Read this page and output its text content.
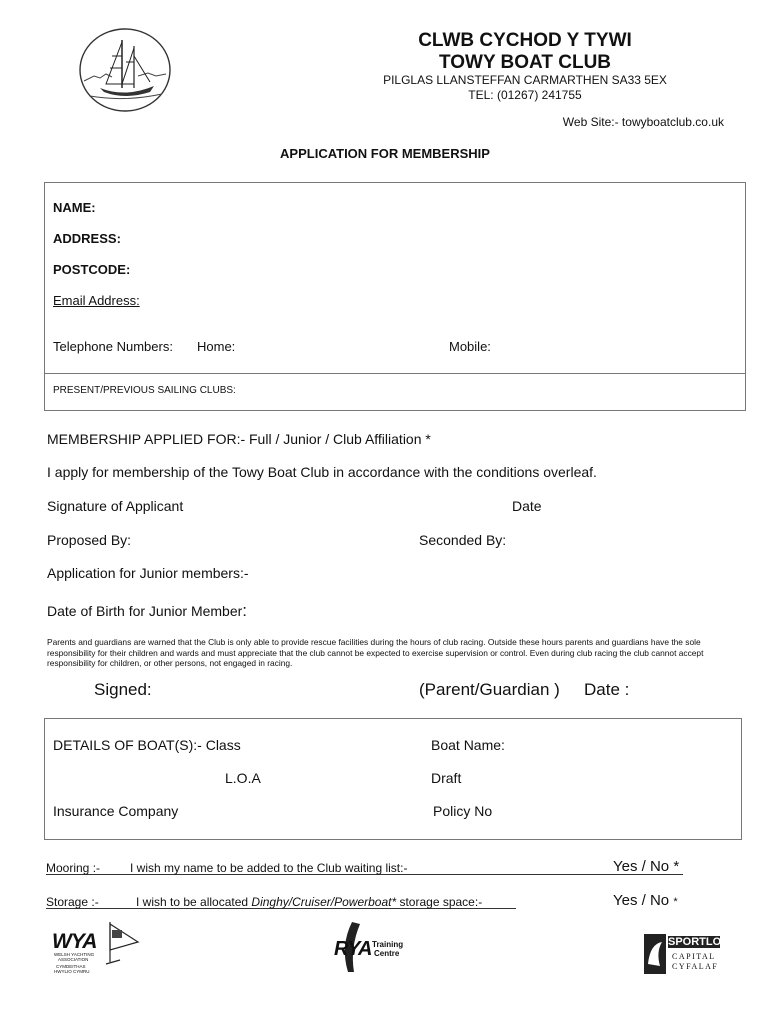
CLWB CYCHOD Y TYWI
TOWY BOAT CLUB
PILGLAS LLANSTEFFAN CARMARTHEN SA33 5EX
TEL: (01267) 241755
Web Site:- towyboatclub.co.uk
APPLICATION FOR MEMBERSHIP
NAME:
ADDRESS:
POSTCODE:
Email Address:
Telephone Numbers: Home:	Mobile:
PRESENT/PREVIOUS SAILING CLUBS:
MEMBERSHIP APPLIED FOR:- Full / Junior / Club Affiliation *
I apply for membership of the Towy Boat Club in accordance with the conditions overleaf.
Signature of Applicant	Date
Proposed By:	Seconded By:
Application for Junior members:-
Date of Birth for Junior Member:
Parents and guardians are warned that the Club is only able to provide rescue facilities during the hours of club racing. Outside these hours parents and guardians have the sole responsibility for their children and wards and must appreciate that the club cannot be expected to exercise supervision or control. Even during club racing the club cannot accept responsibility for children, or other persons, not engaged in racing.
Signed:	(Parent/Guardian ) Date :
DETAILS OF BOAT(S):- Class	Boat Name:
L.O.A	Draft
Insurance Company	Policy No
Mooring :- I wish my name to be added to the Club waiting list:-	Yes / No *
Storage :-	I wish to be allocated Dinghy/Cruiser/Powerboat* storage space:-	Yes / No *
WYA
WELSH YACHTING
ASSOCIATION
CYMDEITHAS
HWYLIO CYMRU
RYA Training
Centre
SPORTLOT
CAPITAL
CYFALAF
